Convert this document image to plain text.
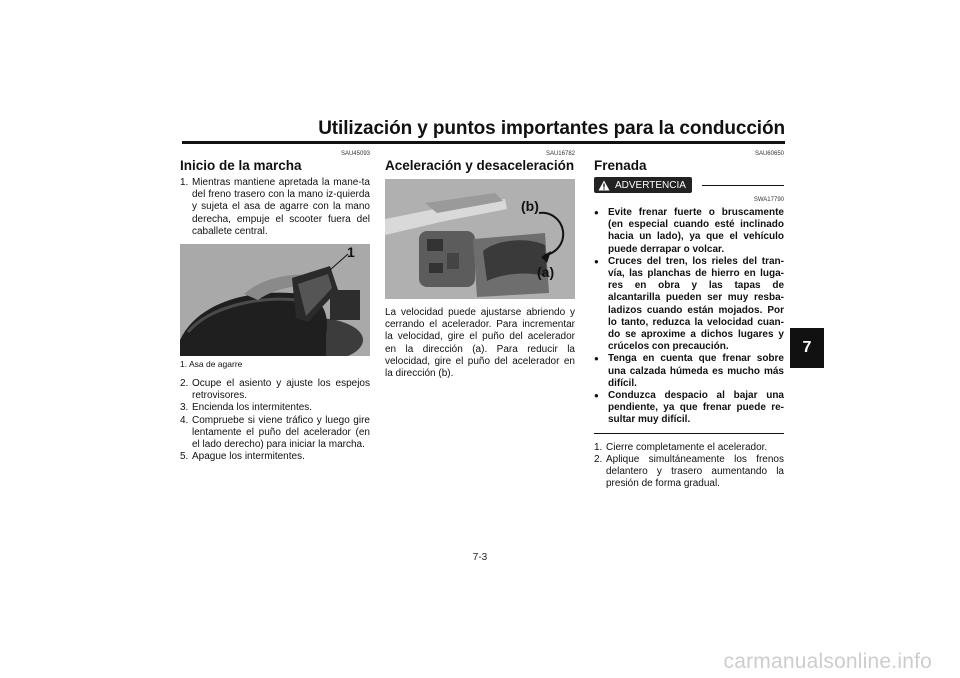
Utilización y puntos importantes para la conducción
7
SAU45093
Inicio de la marcha
1. Mientras mantiene apretada la mane-ta del freno trasero con la mano iz-quierda y sujeta el asa de agarre con la mano derecha, empuje el scooter fuera del caballete central.
1
1. Asa de agarre
2. Ocupe el asiento y ajuste los espejos retrovisores.
3. Encienda los intermitentes.
4. Compruebe si viene tráfico y luego gire lentamente el puño del acelerador (en el lado derecho) para iniciar la marcha.
5. Apague los intermitentes.
SAU16782
Aceleración y desaceleración
(b)
(a)

La velocidad puede ajustarse abriendo y cerrando el acelerador. Para incrementar la velocidad, gire el puño del acelerador en la dirección (a). Para reducir la velocidad, gire el puño del acelerador en la dirección (b).

SAU60650
Frenada
ADVERTENCIA
SWA17790
● Evite frenar fuerte o bruscamente (en especial cuando esté inclinado hacia un lado), ya que el vehículo puede derrapar o volcar.
● Cruces del tren, los rieles del tran-vía, las planchas de hierro en luga-res en obra y las tapas de alcantarilla pueden ser muy resba-ladizos cuando están mojados. Por lo tanto, reduzca la velocidad cuan-do se aproxime a dichos lugares y crúcelos con precaución.
● Tenga en cuenta que frenar sobre una calzada húmeda es mucho más difícil.
● Conduzca despacio al bajar una pendiente, ya que frenar puede re-sultar muy difícil.
1. Cierre completamente el acelerador.
2. Aplique simultáneamente los frenos delantero y trasero aumentando la presión de forma gradual.
7-3
carmanualsonline.info
